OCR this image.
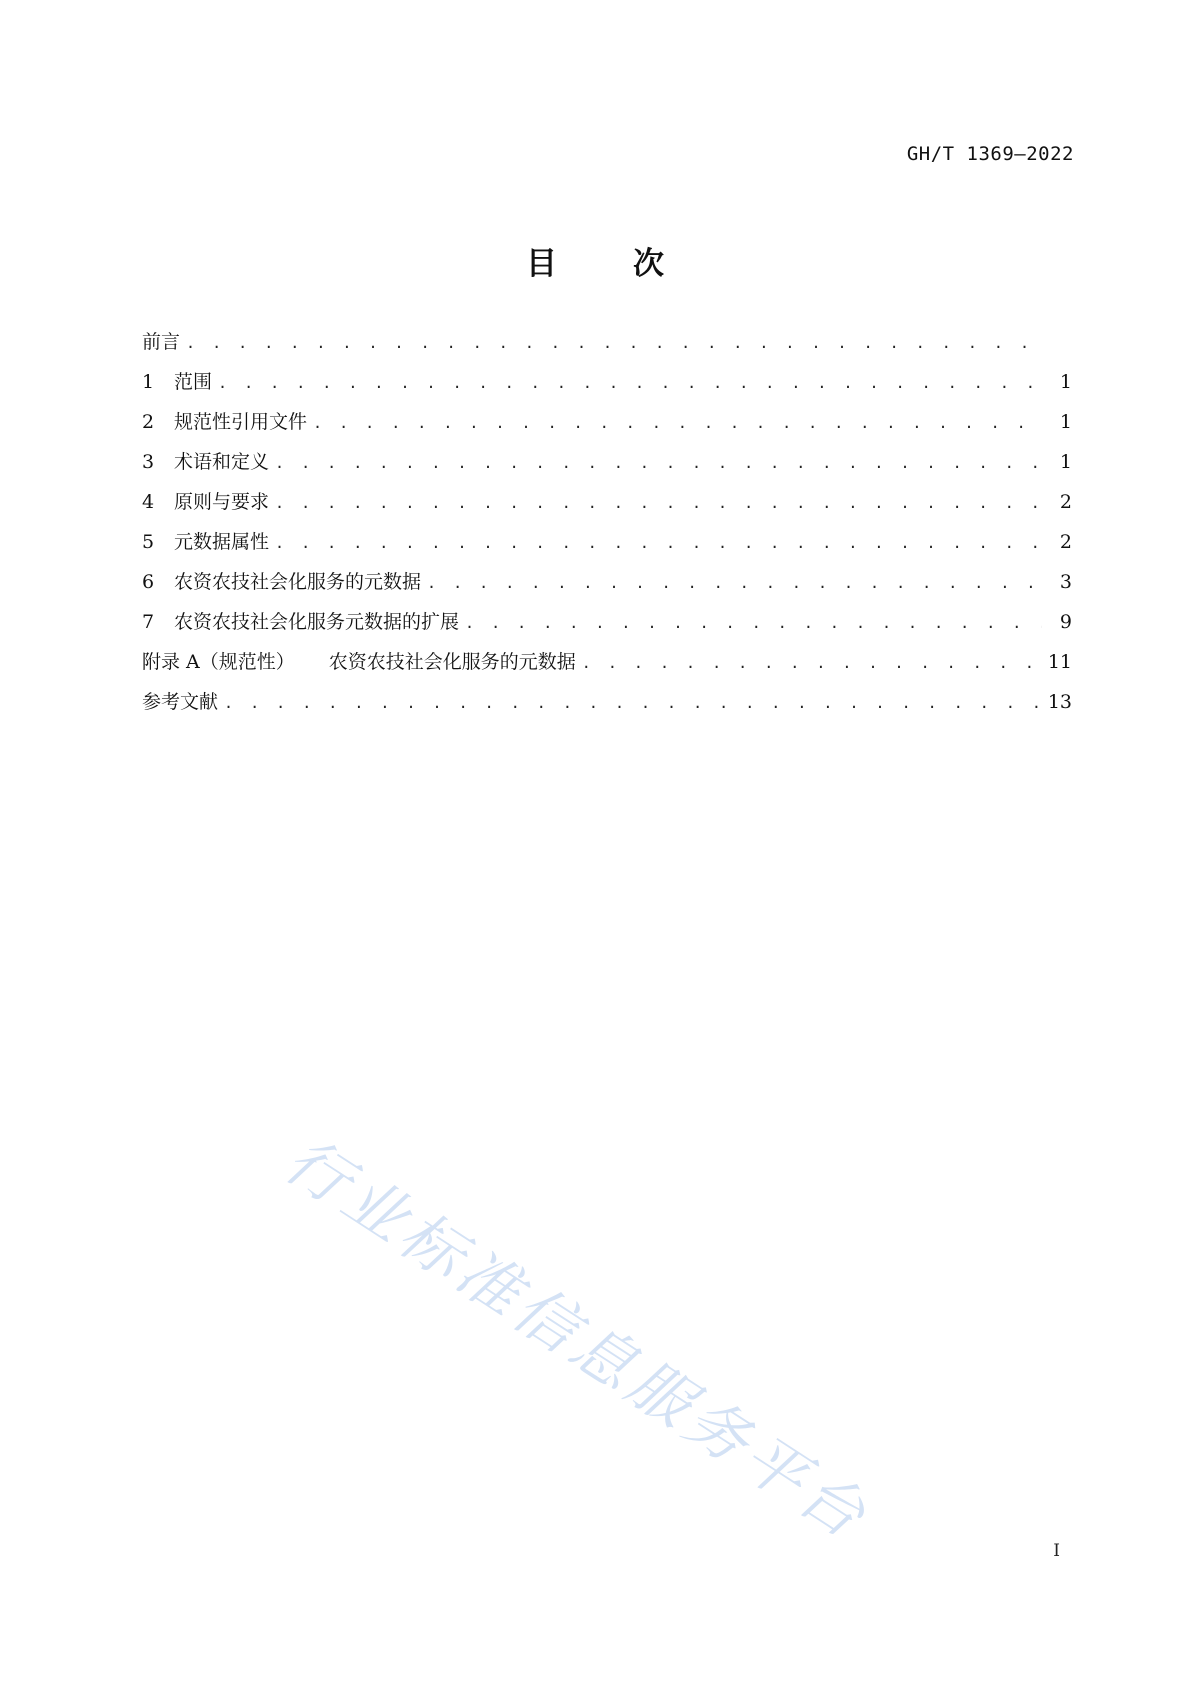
GH/T 1369—2022
目 次
前言
. . .
1	范围 . . .	1
2	规范性引用文件 . . .	1
3	术语和定义 . . .	1
4	原则与要求 . . .	2
5	元数据属性 . . .	2
6	农资农技社会化服务的元数据 . . .	3
7	农资农技社会化服务元数据的扩展 . . .	9
附录 A（规范性）	农资农技社会化服务的元数据 . . .	11
参考文献 . . .	13
行业标准信息服务平台	I
